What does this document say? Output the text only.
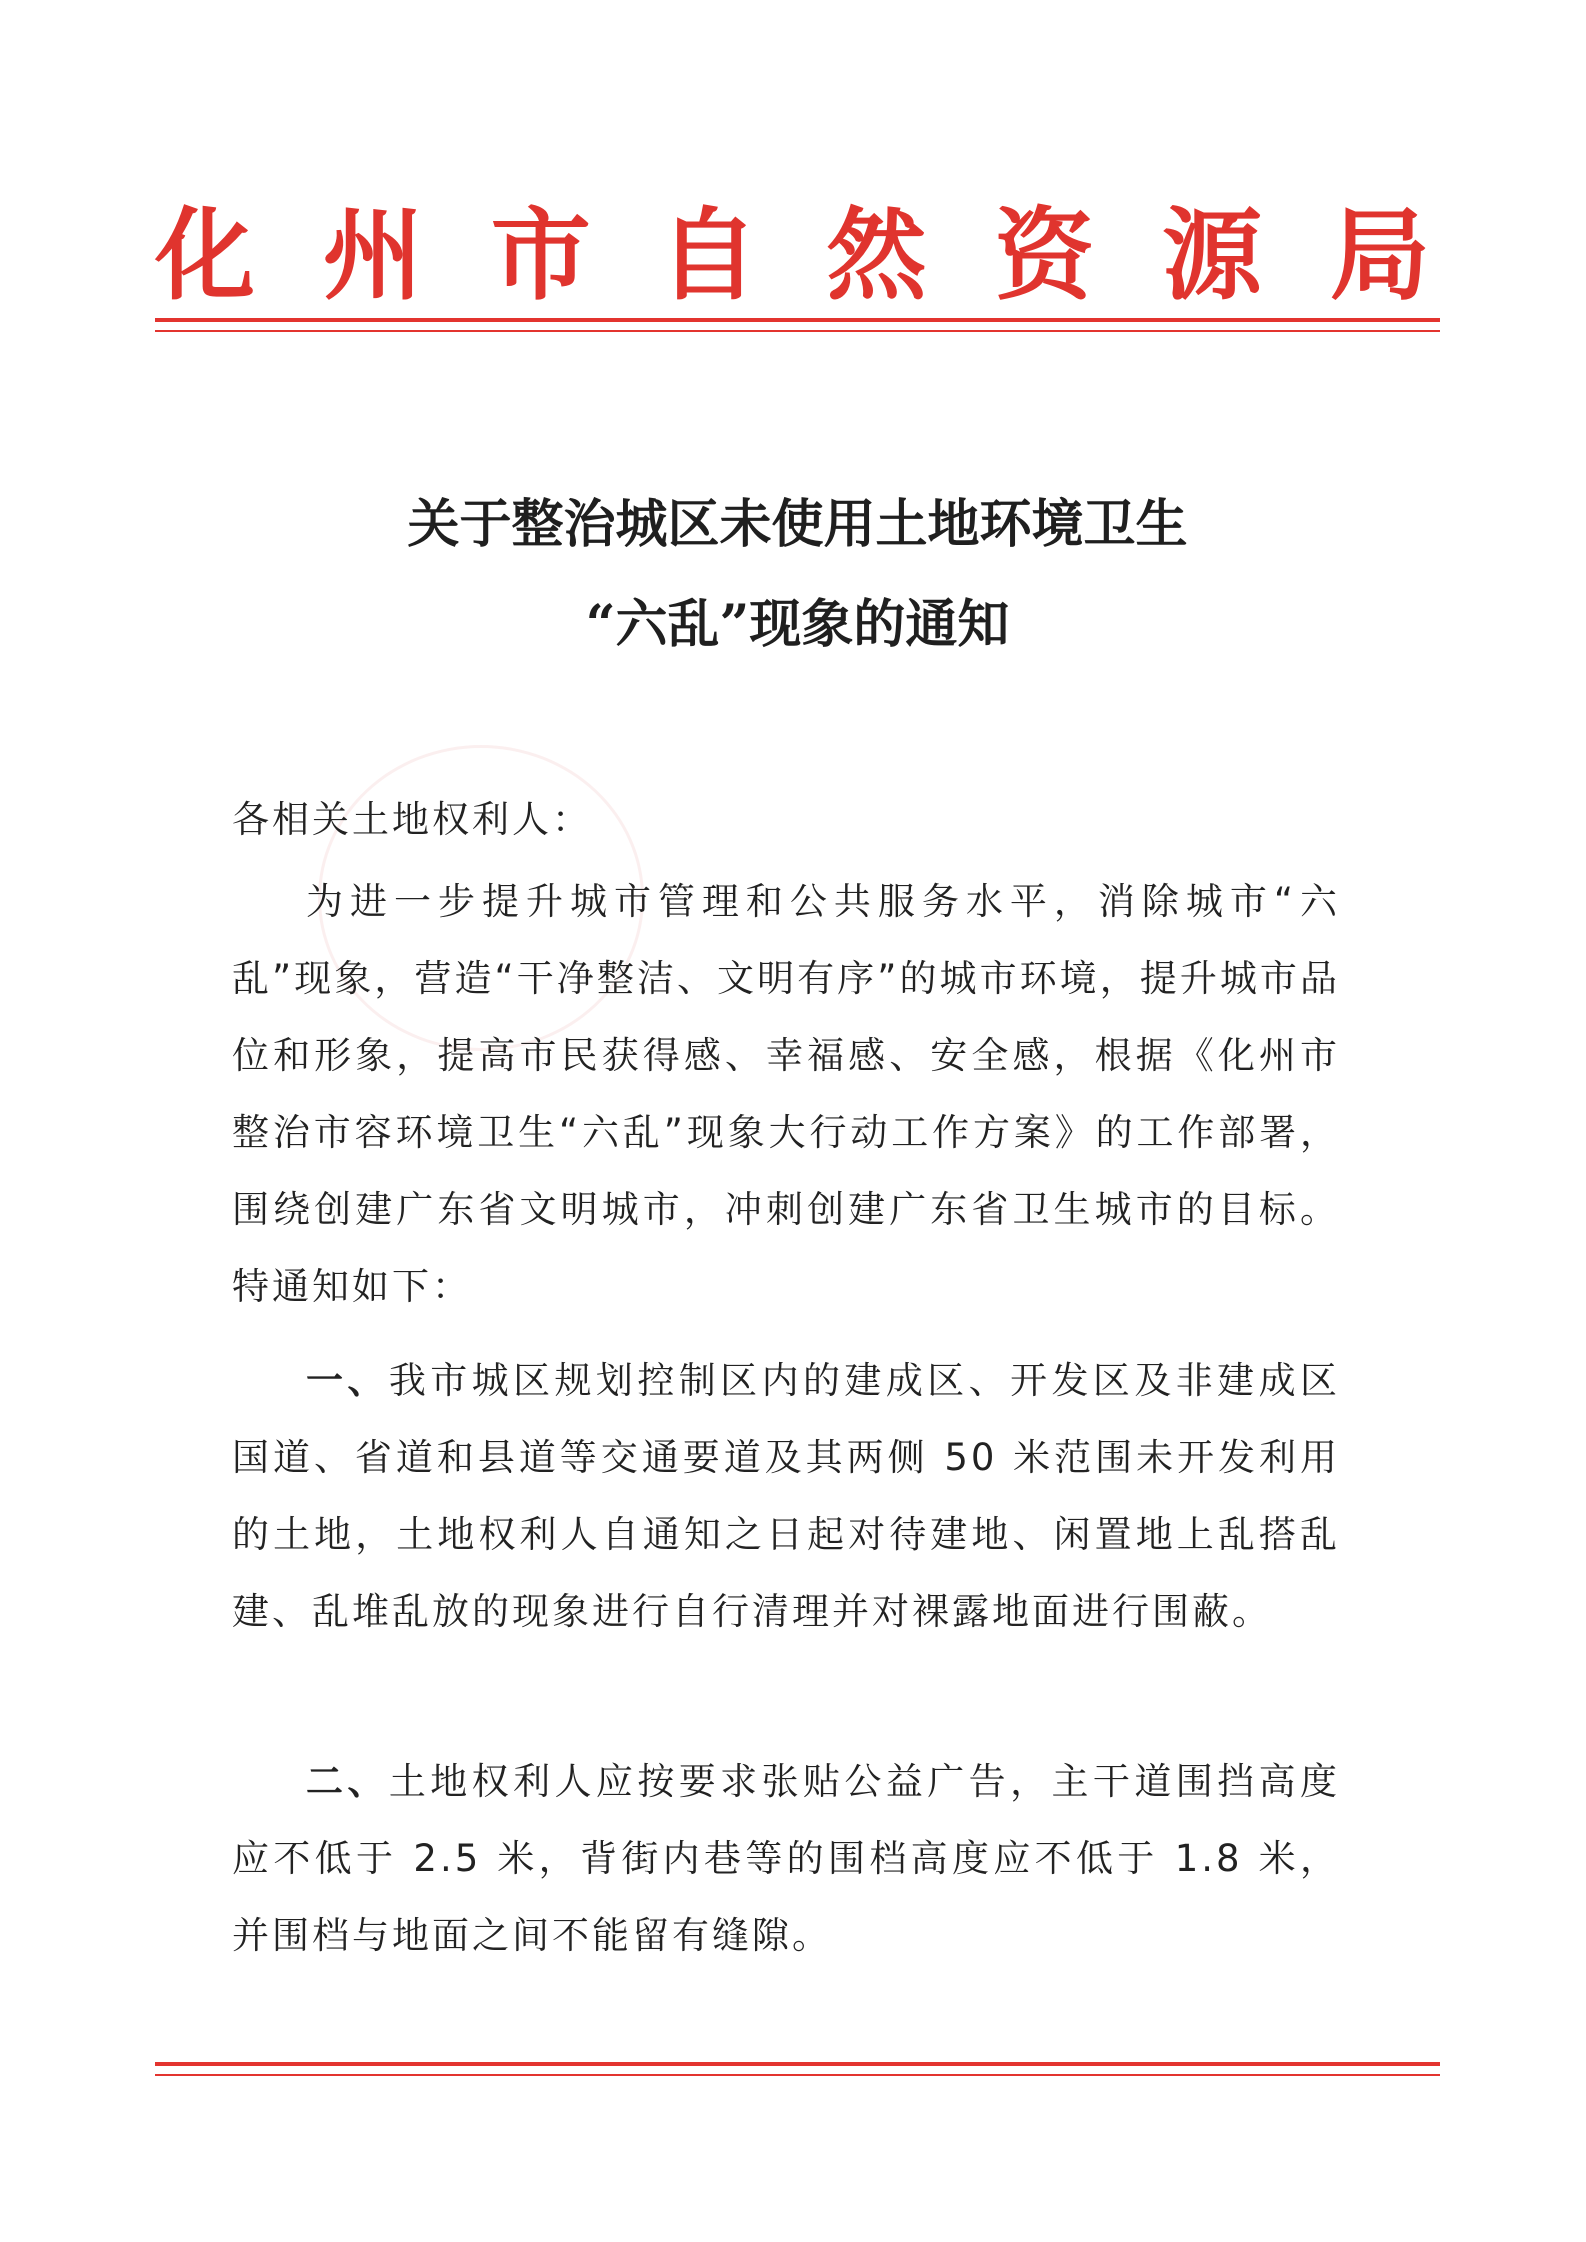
化 州 市 自 然 资 源 局
关于整治城区未使用土地环境卫生
“六乱”现象的通知
各相关土地权利人：

为进一步提升城市管理和公共服务水平，消除城市“六乱”现象，营造“干净整洁、文明有序”的城市环境，提升城市品位和形象，提高市民获得感、幸福感、安全感，根据《化州市整治市容环境卫生“六乱”现象大行动工作方案》的工作部署，围绕创建广东省文明城市，冲刺创建广东省卫生城市的目标。特通知如下：

一、我市城区规划控制区内的建成区、开发区及非建成区国道、省道和县道等交通要道及其两侧 50 米范围未开发利用的土地，土地权利人自通知之日起对待建地、闲置地上乱搭乱建、乱堆乱放的现象进行自行清理并对裸露地面进行围蔽。

二、土地权利人应按要求张贴公益广告，主干道围挡高度应不低于 2.5 米，背街内巷等的围档高度应不低于 1.8 米，并围档与地面之间不能留有缝隙。
